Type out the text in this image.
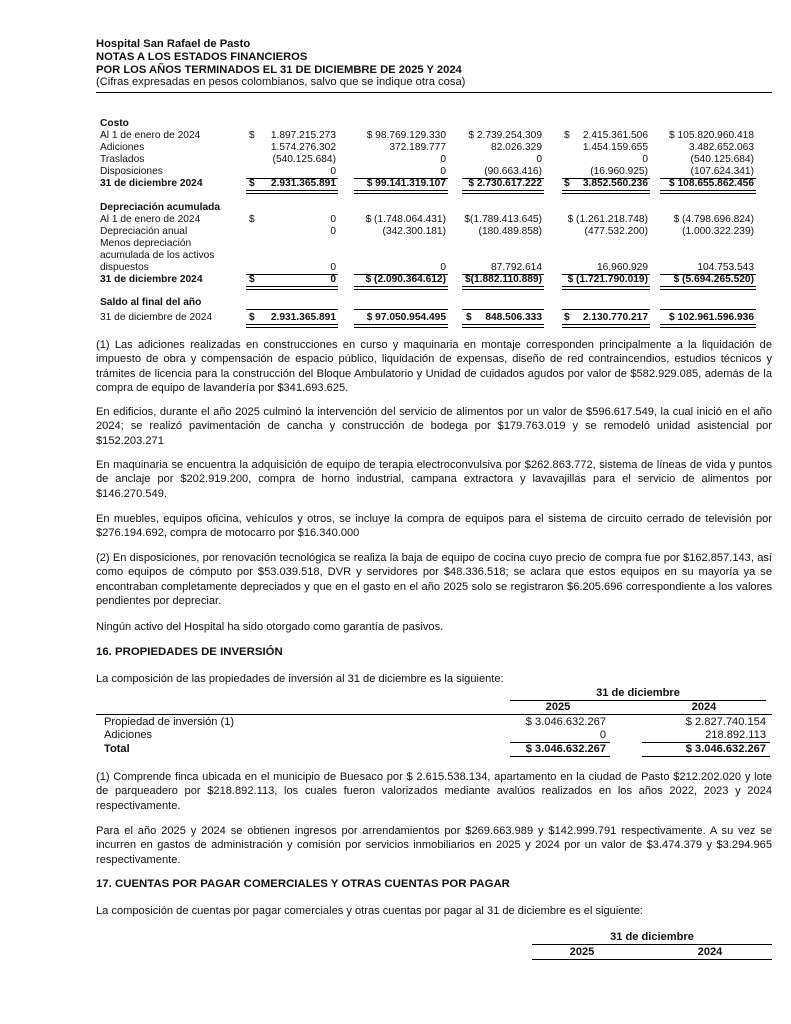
Hospital San Rafael de Pasto
NOTAS A LOS ESTADOS FINANCIEROS
POR LOS AÑOS TERMINADOS EL 31 DE DICIEMBRE DE 2025 Y 2024
(Cifras expresadas en pesos colombianos, salvo que se indique otra cosa)
Costo
Al 1 de enero de 2024	$	1.897.215.273	$ 98.769.129.330	$ 2.739.254.309 $	2.415.361.506	$ 105.820.960.418
Adiciones	1.574.276.302	372.189.777	82.026.329	1.454.159.655	3.482.652.063
Traslados	(540.125.684)	0	0	0	(540.125.684)
Disposiciones	0	0	(90.663.416)	(16.960.925)	(107.624.341)
31 de diciembre 2024	$	2.931.365.891	$ 99.141.319.107	$ 2.730.617.222 $	3.852.560.236	$ 108.655.862.456
Depreciación acumulada
Al 1 de enero de 2024	$	0	$ (1.748.064.431) $(1.789.413.645)	$ (1.261.218.748)	$ (4.798.696.824)
Depreciación anual	0	(342.300.181)	(180.489.858)	(477.532.200)	(1.000.322.239)
Menos depreciación
acumulada de los activos
dispuestos	0	0	87.792.614	16.960.929	104.753.543
31 de diciembre 2024	$	0	$ (2.090.364.612) $(1.882.110.889)	$ (1.721.790.019)	$ (5.694.265.520)
Saldo al final del año
31 de diciembre de 2024	$	2.931.365.891	$ 97.050.954.495 $	848.506.333 $	2.130.770.217	$ 102.961.596.936

(1) Las adiciones realizadas en construcciones en curso y maquinaria en montaje corresponden principalmente a la liquidación de impuesto de obra y compensación de espacio público, liquidación de expensas, diseño de red contraincendios, estudios técnicos y trámites de licencia para la construcción del Bloque Ambulatorio y Unidad de cuidados agudos por valor de $582.929.085, además de la compra de equipo de lavandería por $341.693.625.

En edificios, durante el año 2025 culminó la intervención del servicio de alimentos por un valor de $596.617.549, la cual inició en el año 2024; se realizó pavimentación de cancha y construcción de bodega por $179.763.019 y se remodeló unidad asistencial por $152.203.271

En maquinaria se encuentra la adquisición de equipo de terapia electroconvulsiva por $262.863.772, sistema de líneas de vida y puntos de anclaje por $202.919.200, compra de horno industrial, campana extractora y lavavajillas para el servicio de alimentos por $146.270.549.

En muebles, equipos oficina, vehículos y otros, se incluye la compra de equipos para el sistema de circuito cerrado de televisión por $276.194.692, compra de motocarro por $16.340.000

(2) En disposiciones, por renovación tecnológica se realiza la baja de equipo de cocina cuyo precio de compra fue por $162.857.143, así como equipos de cómputo por $53.039.518, DVR y servidores por $48.336.518; se aclara que estos equipos en su mayoría ya se encontraban completamente depreciados y que en el gasto en el año 2025 solo se registraron $6.205.696 correspondiente a los valores pendientes por depreciar.

Ningún activo del Hospital ha sido otorgado como garantía de pasivos.

16. PROPIEDADES DE INVERSIÓN

La composición de las propiedades de inversión al 31 de diciembre es la siguiente:

31 de diciembre
2025	2024
Propiedad de inversión (1)	$ 3.046.632.267	$ 2.827.740.154
Adiciones	0	218.892.113
Total	$ 3.046.632.267	$ 3.046.632.267

(1) Comprende finca ubicada en el municipio de Buesaco por $ 2.615.538.134, apartamento en la ciudad de Pasto $212.202.020 y lote de parqueadero por $218.892.113, los cuales fueron valorizados mediante avalúos realizados en los años 2022, 2023 y 2024 respectivamente.

Para el año 2025 y 2024 se obtienen ingresos por arrendamientos por $269.663.989 y $142.999.791 respectivamente. A su vez se incurren en gastos de administración y comisión por servicios inmobiliarios en 2025 y 2024 por un valor de $3.474.379 y $3.294.965 respectivamente.

17. CUENTAS POR PAGAR COMERCIALES Y OTRAS CUENTAS POR PAGAR

La composición de cuentas por pagar comerciales y otras cuentas por pagar al 31 de diciembre es el siguiente:

31 de diciembre
2025	2024
